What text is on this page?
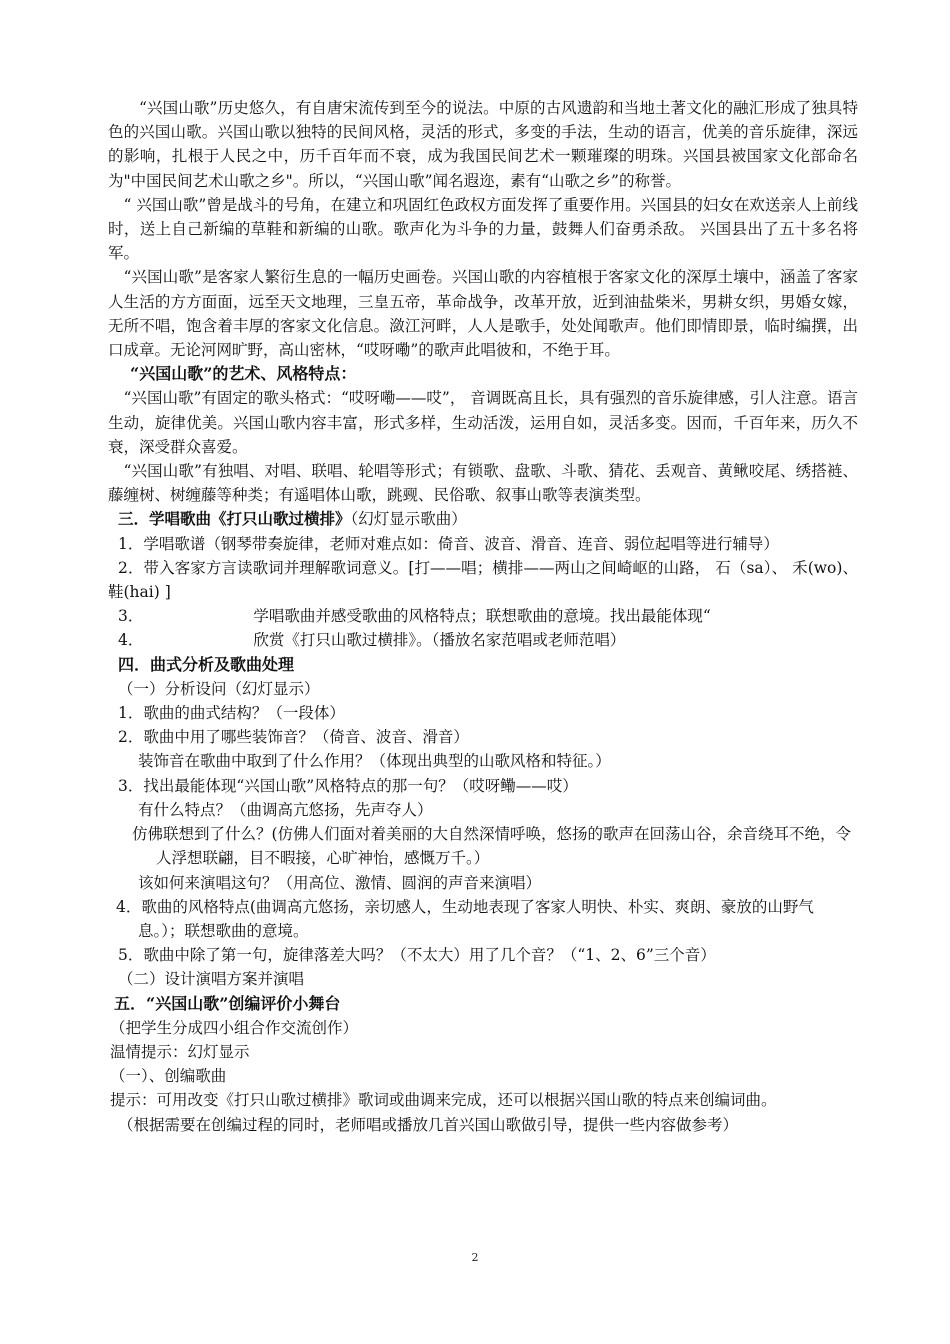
“兴国山歌”历史悠久，有自唐宋流传到至今的说法。中原的古风遗韵和当地土著文化的融汇形成了独具特色的兴国山歌。兴国山歌以独特的民间风格，灵活的形式，多变的手法，生动的语言，优美的音乐旋律，深远的影响，扎根于人民之中，历千百年而不衰，成为我国民间艺术一颗璀璨的明珠。兴国县被国家文化部命名为"中国民间艺术山歌之乡"。所以，“兴国山歌”闻名遐迩，素有“山歌之乡”的称誉。

“ 兴国山歌”曾是战斗的号角，在建立和巩固红色政权方面发挥了重要作用。兴国县的妇女在欢送亲人上前线时，送上自己新编的草鞋和新编的山歌。歌声化为斗争的力量，鼓舞人们奋勇杀敌。 兴国县出了五十多名将军。

“兴国山歌”是客家人繁衍生息的一幅历史画卷。兴国山歌的内容植根于客家文化的深厚土壤中，涵盖了客家人生活的方方面面，远至天文地理，三皇五帝，革命战争，改革开放，近到油盐柴米，男耕女织，男婚女嫁，无所不唱，饱含着丰厚的客家文化信息。潋江河畔，人人是歌手，处处闻歌声。他们即情即景，临时编撰，出口成章。无论河网旷野，高山密林，“哎呀嘞”的歌声此唱彼和，不绝于耳。

“兴国山歌”的艺术、风格特点：

“兴国山歌”有固定的歌头格式：“哎呀嘞——哎”， 音调既高且长，具有强烈的音乐旋律感，引人注意。语言生动，旋律优美。兴国山歌内容丰富，形式多样，生动活泼，运用自如，灵活多变。因而，千百年来，历久不衰，深受群众喜爱。

“兴国山歌”有独唱、对唱、联唱、轮唱等形式；有锁歌、盘歌、斗歌、猜花、丢观音、黄鳅咬尾、绣搭裢、藤缠树、树缠藤等种类；有遥唱体山歌，跳觋、民俗歌、叙事山歌等表演类型。

三．学唱歌曲《打只山歌过横排》（幻灯显示歌曲）

1．学唱歌谱（钢琴带奏旋律，老师对难点如：倚音、波音、滑音、连音、弱位起唱等进行辅导）

2．带入客家方言读歌词并理解歌词意义。[打——唱；横排——两山之间崎岖的山路， 石（sa）、 禾(wo)、 鞋(hai) ]

3．	学唱歌曲并感受歌曲的风格特点；联想歌曲的意境。找出最能体现“

4．	欣赏《打只山歌过横排》。（播放名家范唱或老师范唱）

四．曲式分析及歌曲处理

（一）分析设问（幻灯显示）

1．歌曲的曲式结构？（一段体）

2．歌曲中用了哪些装饰音？（倚音、波音、滑音）

装饰音在歌曲中取到了什么作用？（体现出典型的山歌风格和特征。）

3．找出最能体现“兴国山歌”风格特点的那一句？（哎呀鳓——哎）

有什么特点？（曲调高亢悠扬，先声夺人）

仿佛联想到了什么？(仿佛人们面对着美丽的大自然深情呼唤，悠扬的歌声在回荡山谷，余音绕耳不绝，令人浮想联翩，目不暇接，心旷神怡，感慨万千。）

该如何来演唱这句？（用高位、激情、圆润的声音来演唱）

4．歌曲的风格特点(曲调高亢悠扬，亲切感人，生动地表现了客家人明快、朴实、爽朗、豪放的山野气息。）；联想歌曲的意境。

5．歌曲中除了第一句，旋律落差大吗？（不太大）用了几个音？（“1、2、6”三个音）

（二）设计演唱方案并演唱

五．“兴国山歌”创编评价小舞台

（把学生分成四小组合作交流创作）

温情提示：幻灯显示

（一）、创编歌曲

提示：可用改变《打只山歌过横排》歌词或曲调来完成，还可以根据兴国山歌的特点来创编词曲。

（根据需要在创编过程的同时，老师唱或播放几首兴国山歌做引导，提供一些内容做参考）

2
